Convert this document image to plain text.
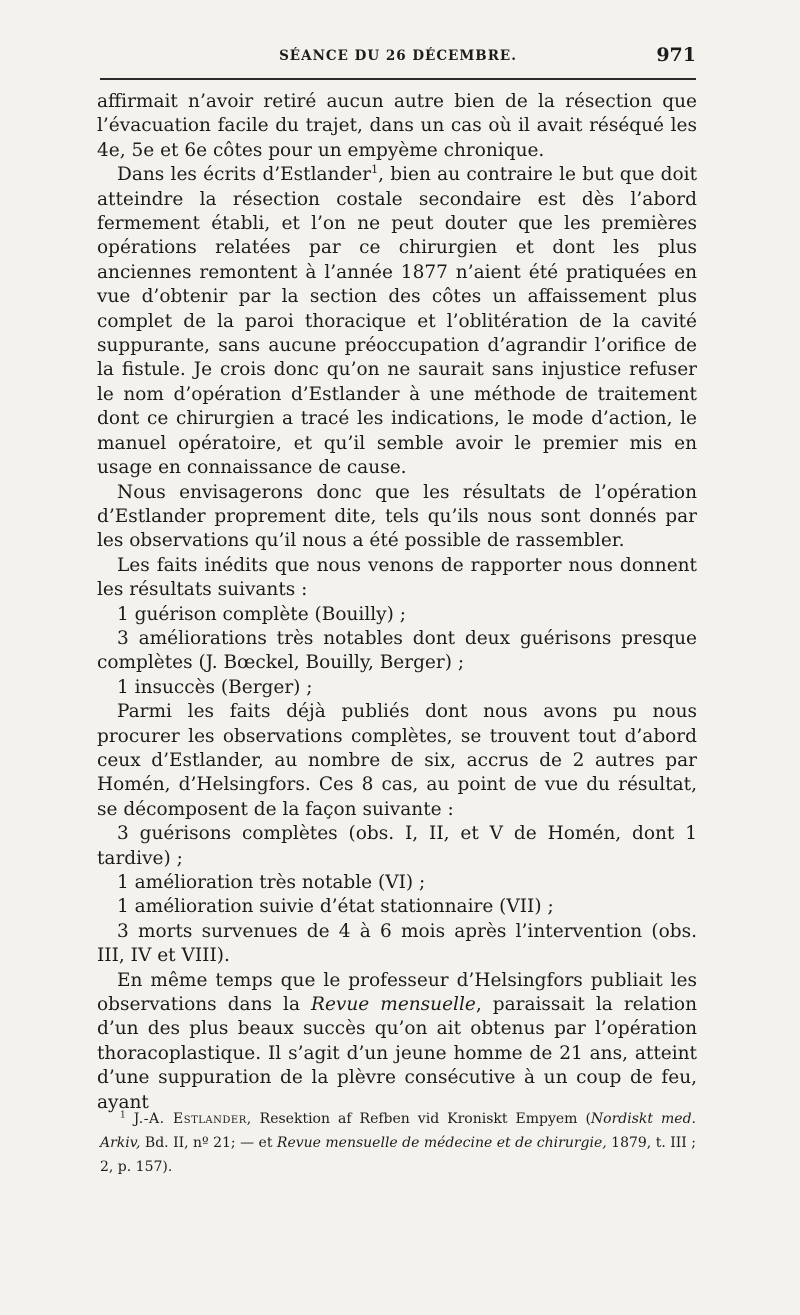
SÉANCE DU 26 DÉCEMBRE.	971

affirmait n’avoir retiré aucun autre bien de la résection que l’évacuation facile du trajet, dans un cas où il avait réséqué les 4e, 5e et 6e côtes pour un empyème chronique.

Dans les écrits d’Estlander$^1$, bien au contraire le but que doit atteindre la résection costale secondaire est dès l’abord fermement établi, et l’on ne peut douter que les premières opérations relatées par ce chirurgien et dont les plus anciennes remontent à l’année 1877 n’aient été pratiquées en vue d’obtenir par la section des côtes un affaissement plus complet de la paroi thoracique et l’oblitération de la cavité suppurante, sans aucune préoccupation d’agrandir l’orifice de la fistule. Je crois donc qu’on ne saurait sans injustice refuser le nom d’opération d’Estlander à une méthode de traitement dont ce chirurgien a tracé les indications, le mode d’action, le manuel opératoire, et qu’il semble avoir le premier mis en usage en connaissance de cause.

Nous envisagerons donc que les résultats de l’opération d’Estlander proprement dite, tels qu’ils nous sont donnés par les observations qu’il nous a été possible de rassembler.

Les faits inédits que nous venons de rapporter nous donnent les résultats suivants :

1 guérison complète (Bouilly) ;

3 améliorations très notables dont deux guérisons presque complètes (J. Bœckel, Bouilly, Berger) ;

1 insuccès (Berger) ;

Parmi les faits déjà publiés dont nous avons pu nous procurer les observations complètes, se trouvent tout d’abord ceux d’Estlander, au nombre de six, accrus de 2 autres par Homén, d’Helsingfors. Ces 8 cas, au point de vue du résultat, se décomposent de la façon suivante :

3 guérisons complètes (obs. I, II, et V de Homén, dont 1 tardive) ;

1 amélioration très notable (VI) ;

1 amélioration suivie d’état stationnaire (VII) ;

3 morts survenues de 4 à 6 mois après l’intervention (obs. III, IV et VIII).

En même temps que le professeur d’Helsingfors publiait les observations dans la Revue mensuelle, paraissait la relation d’un des plus beaux succès qu’on ait obtenus par l’opération thoracoplastique. Il s’agit d’un jeune homme de 21 ans, atteint d’une suppuration de la plèvre consécutive à un coup de feu, ayant

$^1$ J.-A. Estlander, Resektion af Refben vid Kroniskt Empyem (Nordiskt med. Arkiv, Bd. II, nº 21; — et Revue mensuelle de médecine et de chirurgie, 1879, t. III ; 2, p. 157).
